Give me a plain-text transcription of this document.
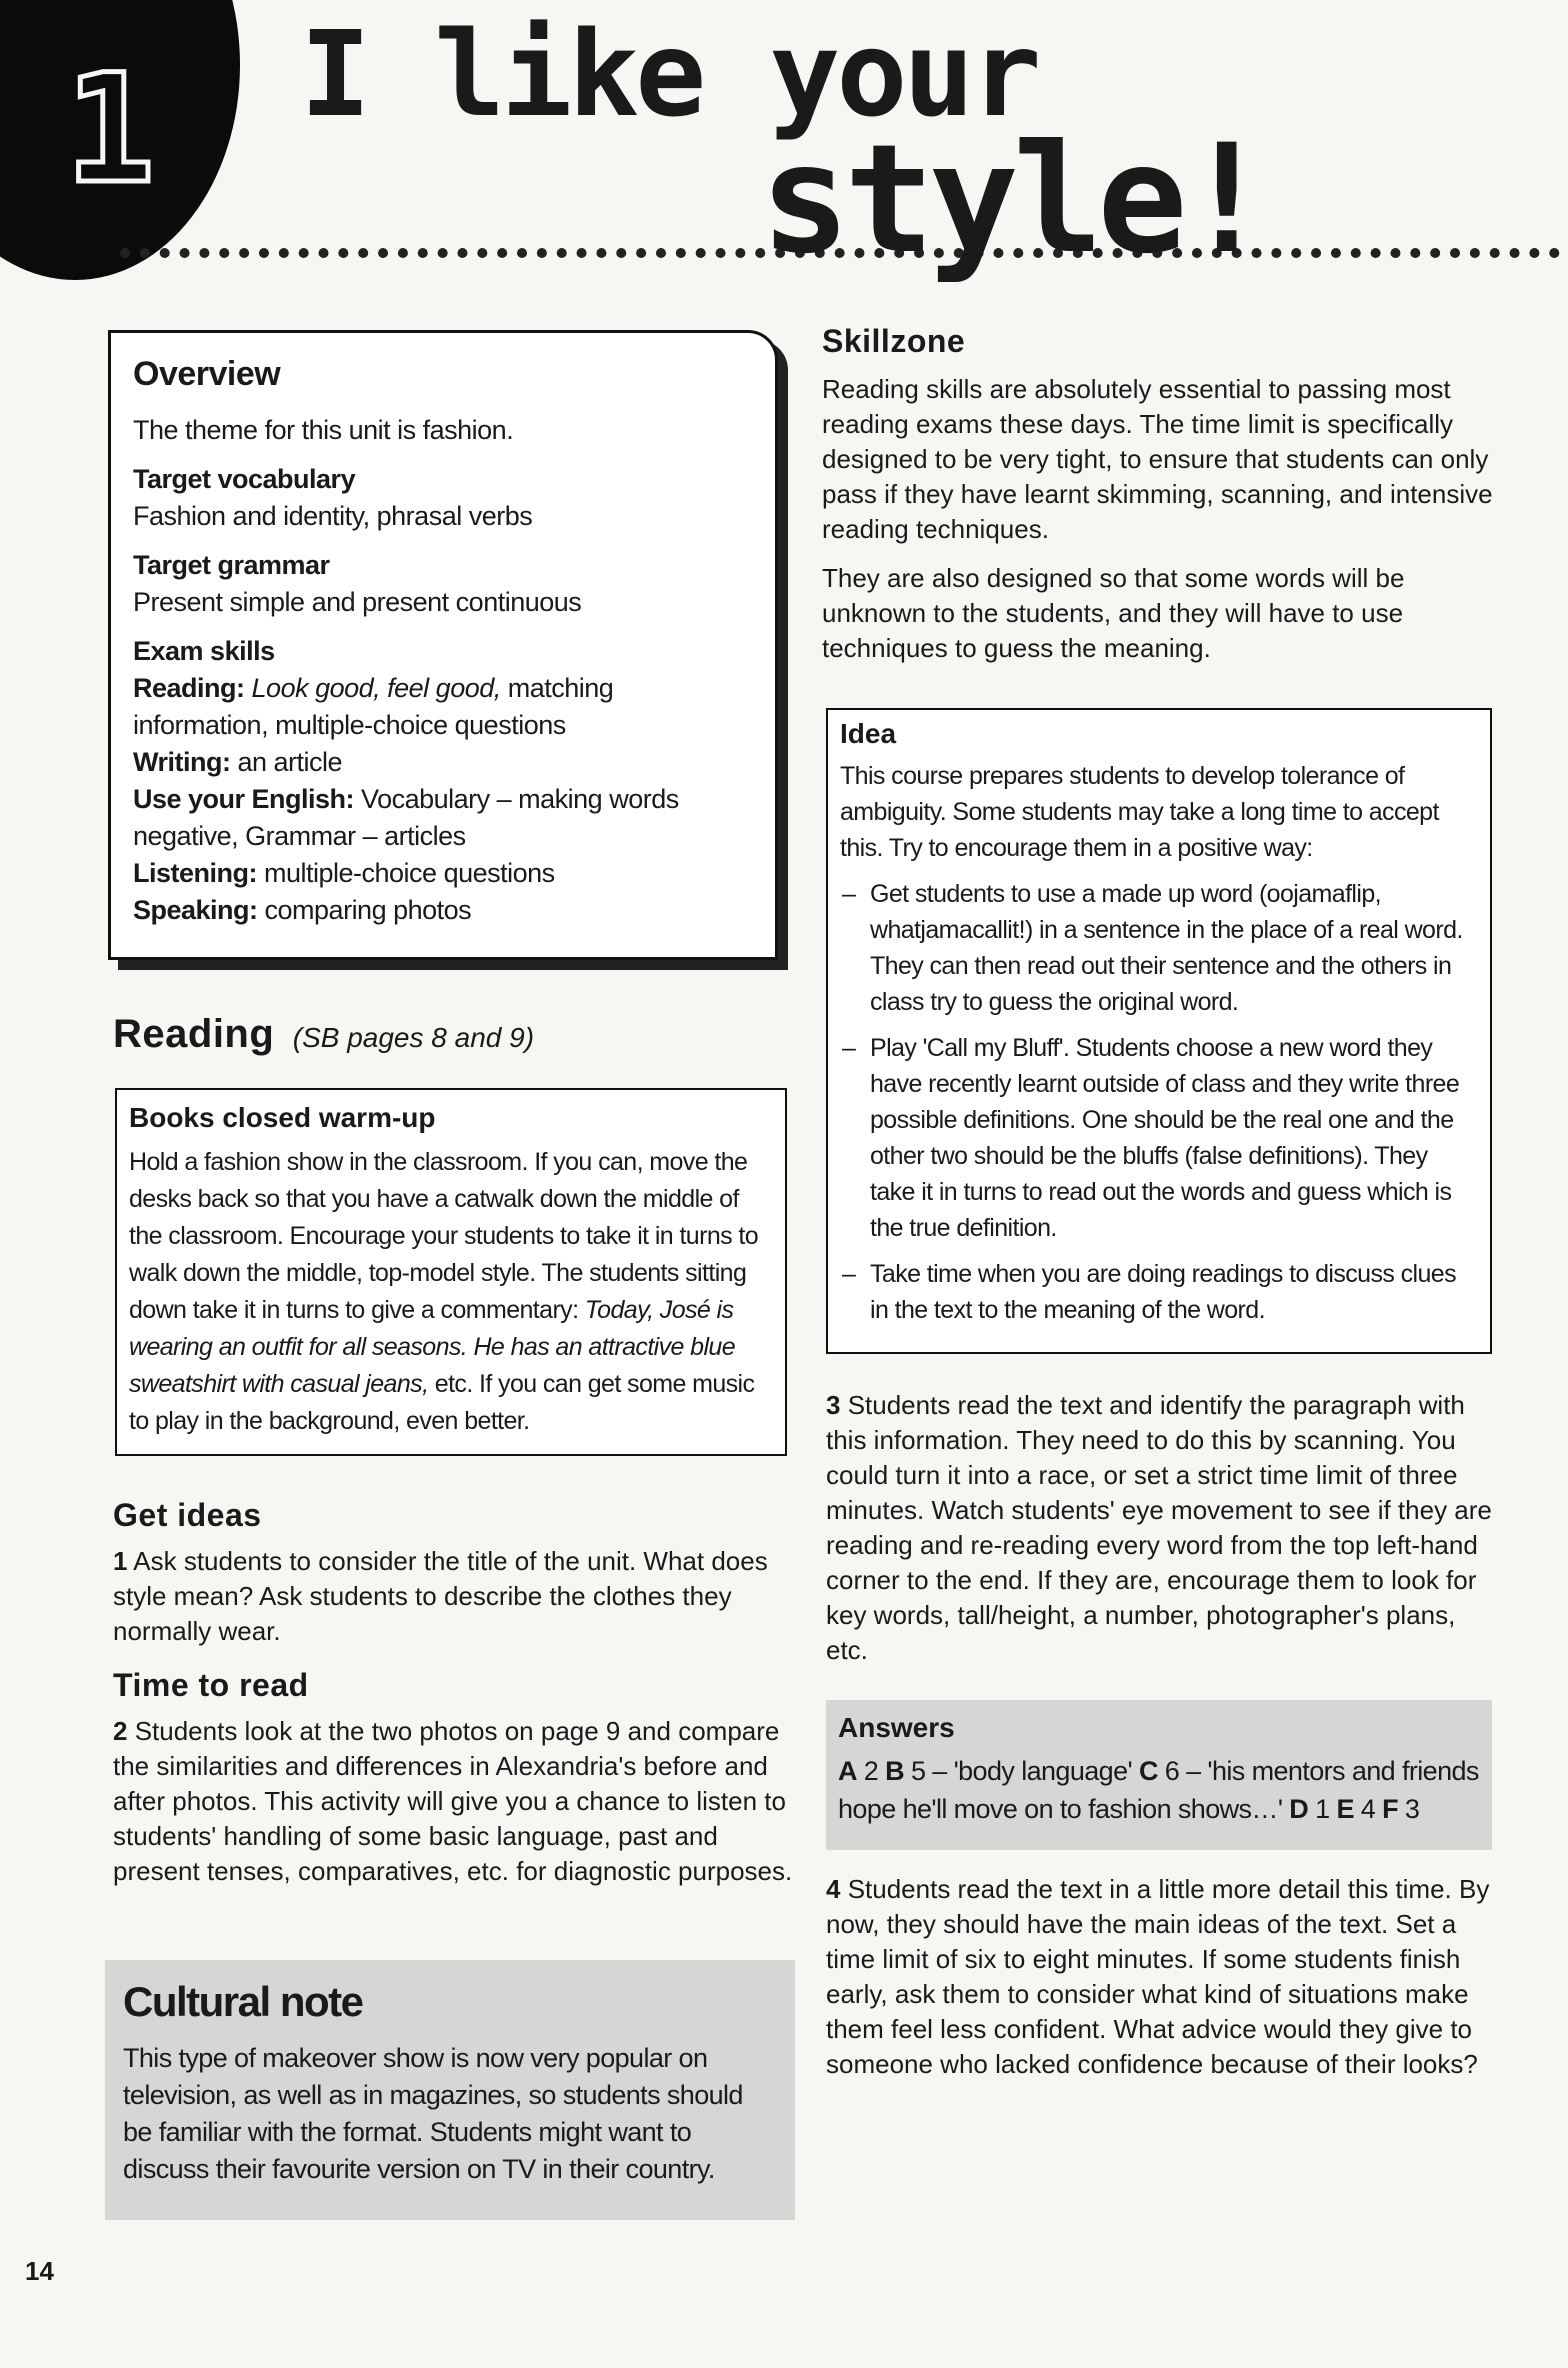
1 I like your
style!
Overview

The theme for this unit is fashion.

Target vocabulary
Fashion and identity, phrasal verbs

Target grammar
Present simple and present continuous

Exam skills
Reading: Look good, feel good, matching information, multiple-choice questions
Writing: an article
Use your English: Vocabulary – making words negative, Grammar – articles
Listening: multiple-choice questions
Speaking: comparing photos

Reading (SB pages 8 and 9)
Books closed warm-up
Hold a fashion show in the classroom. If you can, move the desks back so that you have a catwalk down the middle of the classroom. Encourage your students to take it in turns to walk down the middle, top-model style. The students sitting down take it in turns to give a commentary: Today, José is wearing an outfit for all seasons. He has an attractive blue sweatshirt with casual jeans, etc. If you can get some music to play in the background, even better.
Get ideas
1 Ask students to consider the title of the unit. What does style mean? Ask students to describe the clothes they normally wear.
Time to read
2 Students look at the two photos on page 9 and compare the similarities and differences in Alexandria's before and after photos. This activity will give you a chance to listen to students' handling of some basic language, past and present tenses, comparatives, etc. for diagnostic purposes.
Cultural note
This type of makeover show is now very popular on television, as well as in magazines, so students should be familiar with the format. Students might want to discuss their favourite version on TV in their country.
Skillzone

Reading skills are absolutely essential to passing most reading exams these days. The time limit is specifically designed to be very tight, to ensure that students can only pass if they have learnt skimming, scanning, and intensive reading techniques.

They are also designed so that some words will be unknown to the students, and they will have to use techniques to guess the meaning.

Idea
This course prepares students to develop tolerance of ambiguity. Some students may take a long time to accept this. Try to encourage them in a positive way:
– Get students to use a made up word (oojamaflip, whatjamacallit!) in a sentence in the place of a real word. They can then read out their sentence and the others in class try to guess the original word.
– Play 'Call my Bluff'. Students choose a new word they have recently learnt outside of class and they write three possible definitions. One should be the real one and the other two should be the bluffs (false definitions). They take it in turns to read out the words and guess which is the true definition.
– Take time when you are doing readings to discuss clues in the text to the meaning of the word.
3 Students read the text and identify the paragraph with this information. They need to do this by scanning. You could turn it into a race, or set a strict time limit of three minutes. Watch students' eye movement to see if they are reading and re-reading every word from the top left-hand corner to the end. If they are, encourage them to look for key words, tall/height, a number, photographer's plans, etc.
Answers
A 2 B 5 – 'body language' C 6 – 'his mentors and friends hope he'll move on to fashion shows…' D 1 E 4 F 3
4 Students read the text in a little more detail this time. By now, they should have the main ideas of the text. Set a time limit of six to eight minutes. If some students finish early, ask them to consider what kind of situations make them feel less confident. What advice would they give to someone who lacked confidence because of their looks?
14
